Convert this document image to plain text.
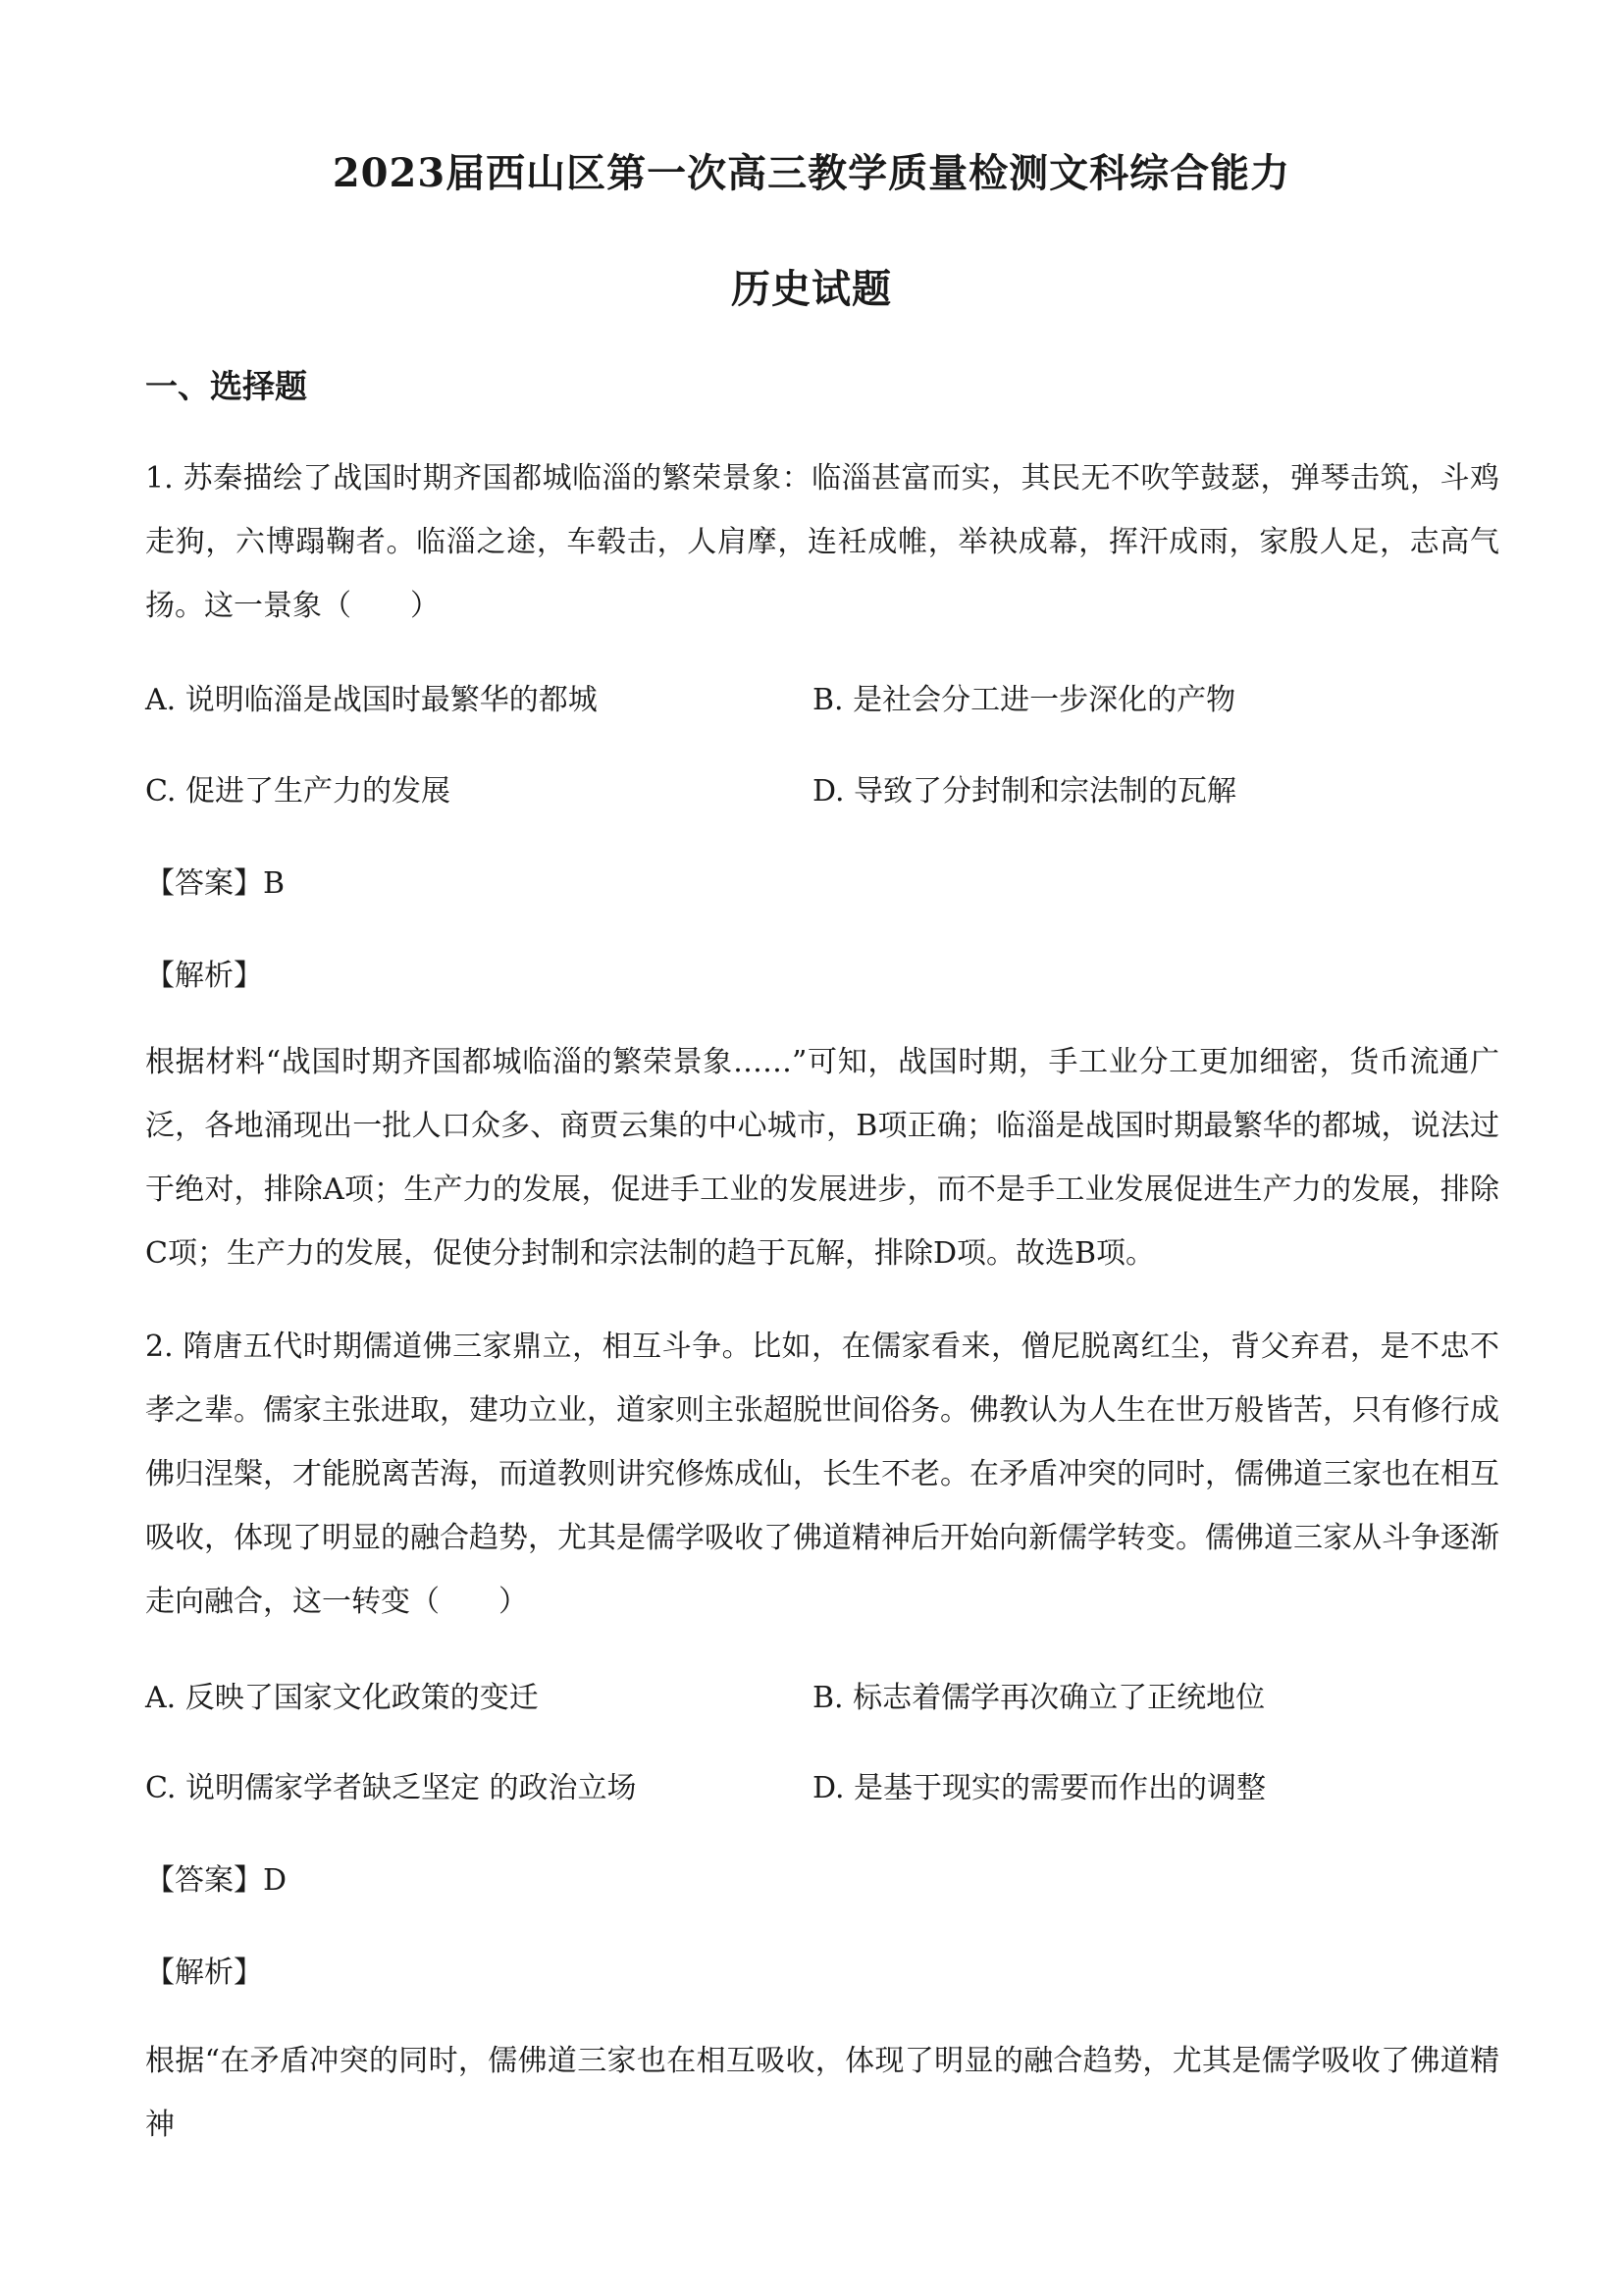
2023届西山区第一次高三教学质量检测文科综合能力
历史试题
一、选择题
1. 苏秦描绘了战国时期齐国都城临淄的繁荣景象：临淄甚富而实，其民无不吹竽鼓瑟，弹琴击筑，斗鸡走狗，六博蹋鞠者。临淄之途，车毂击，人肩摩，连衽成帷，举袂成幕，挥汗成雨，家殷人足，志高气扬。这一景象（　　）
A. 说明临淄是战国时最繁华的都城	B. 是社会分工进一步深化的产物
C. 促进了生产力的发展	D. 导致了分封制和宗法制的瓦解
【答案】B
【解析】
根据材料“战国时期齐国都城临淄的繁荣景象……”可知，战国时期，手工业分工更加细密，货币流通广泛，各地涌现出一批人口众多、商贾云集的中心城市，B项正确；临淄是战国时期最繁华的都城，说法过于绝对，排除A项；生产力的发展，促进手工业的发展进步，而不是手工业发展促进生产力的发展，排除C项；生产力的发展，促使分封制和宗法制的趋于瓦解，排除D项。故选B项。
2. 隋唐五代时期儒道佛三家鼎立，相互斗争。比如，在儒家看来，僧尼脱离红尘，背父弃君，是不忠不孝之辈。儒家主张进取，建功立业，道家则主张超脱世间俗务。佛教认为人生在世万般皆苦，只有修行成佛归涅槃，才能脱离苦海，而道教则讲究修炼成仙，长生不老。在矛盾冲突的同时，儒佛道三家也在相互吸收，体现了明显的融合趋势，尤其是儒学吸收了佛道精神后开始向新儒学转变。儒佛道三家从斗争逐渐走向融合，这一转变（　　）
A. 反映了国家文化政策的变迁	B. 标志着儒学再次确立了正统地位
C. 说明儒家学者缺乏坚定 的政治立场	D. 是基于现实的需要而作出的调整
【答案】D
【解析】
根据“在矛盾冲突的同时，儒佛道三家也在相互吸收，体现了明显的融合趋势，尤其是儒学吸收了佛道精神
